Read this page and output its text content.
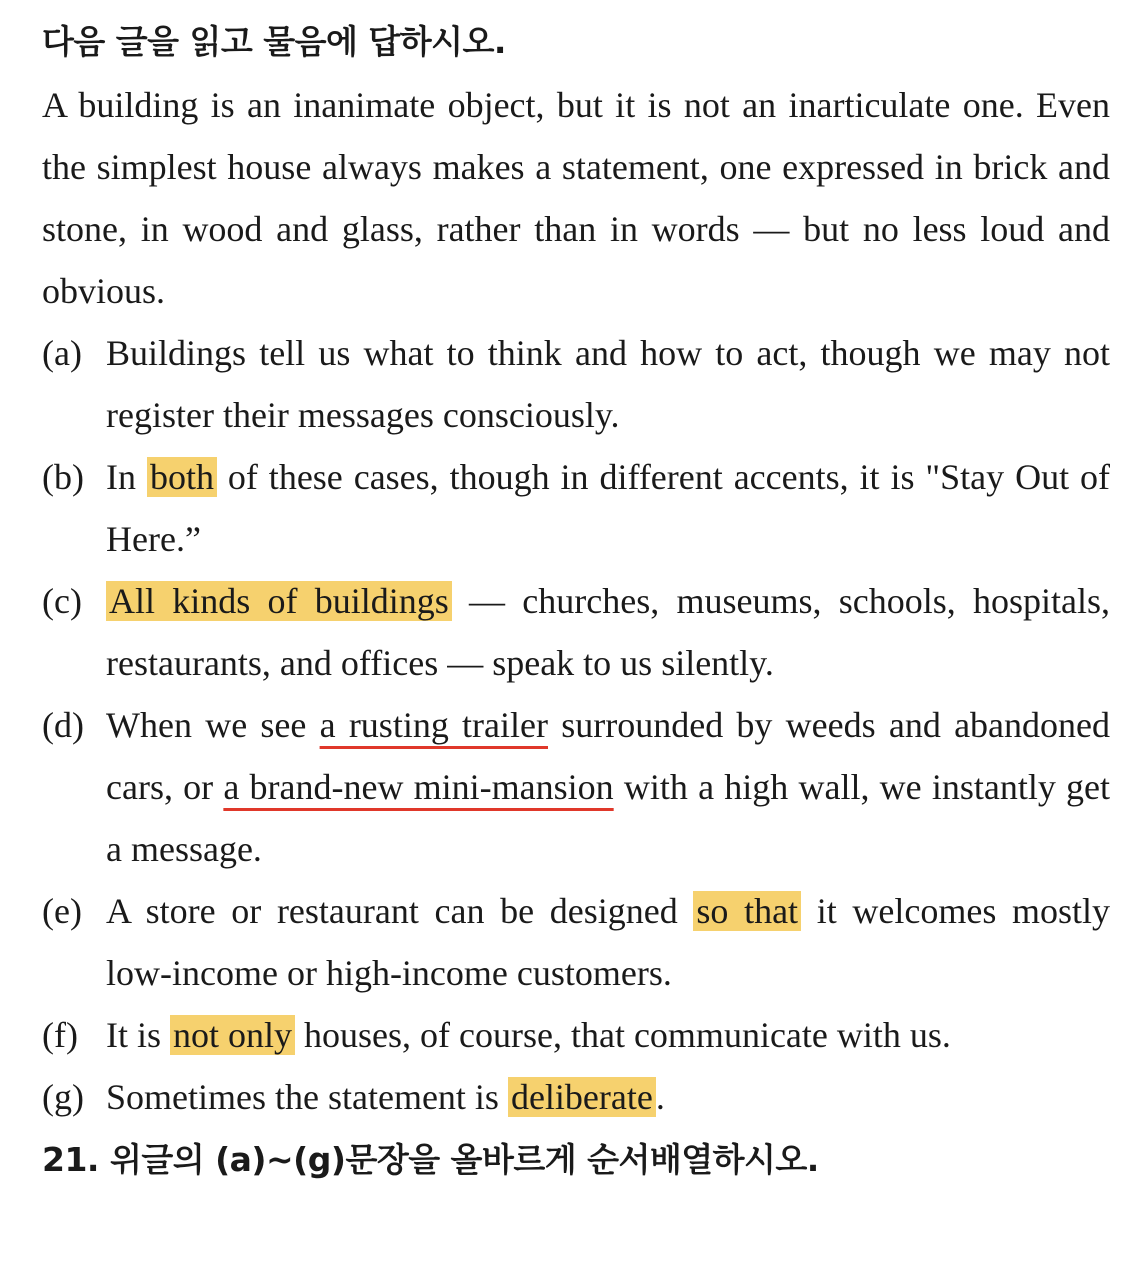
다음 글을 읽고 물음에 답하시오.

A building is an inanimate object, but it is not an inarticulate one. Even the simplest house always makes a statement, one expressed in brick and stone, in wood and glass, rather than in words — but no less loud and obvious.

(a) Buildings tell us what to think and how to act, though we may not register their messages consciously.
(b) In both of these cases, though in different accents, it is "Stay Out of Here.”
(c) All kinds of buildings — churches, museums, schools, hospitals, restaurants, and offices — speak to us silently.
(d) When we see a rusting trailer surrounded by weeds and abandoned cars, or a brand-new mini-mansion with a high wall, we instantly get a message.
(e) A store or restaurant can be designed so that it welcomes mostly low-income or high-income customers.
(f) It is not only houses, of course, that communicate with us.
(g) Sometimes the statement is deliberate.
21. 위글의 (a)~(g)문장을 올바르게 순서배열하시오.
